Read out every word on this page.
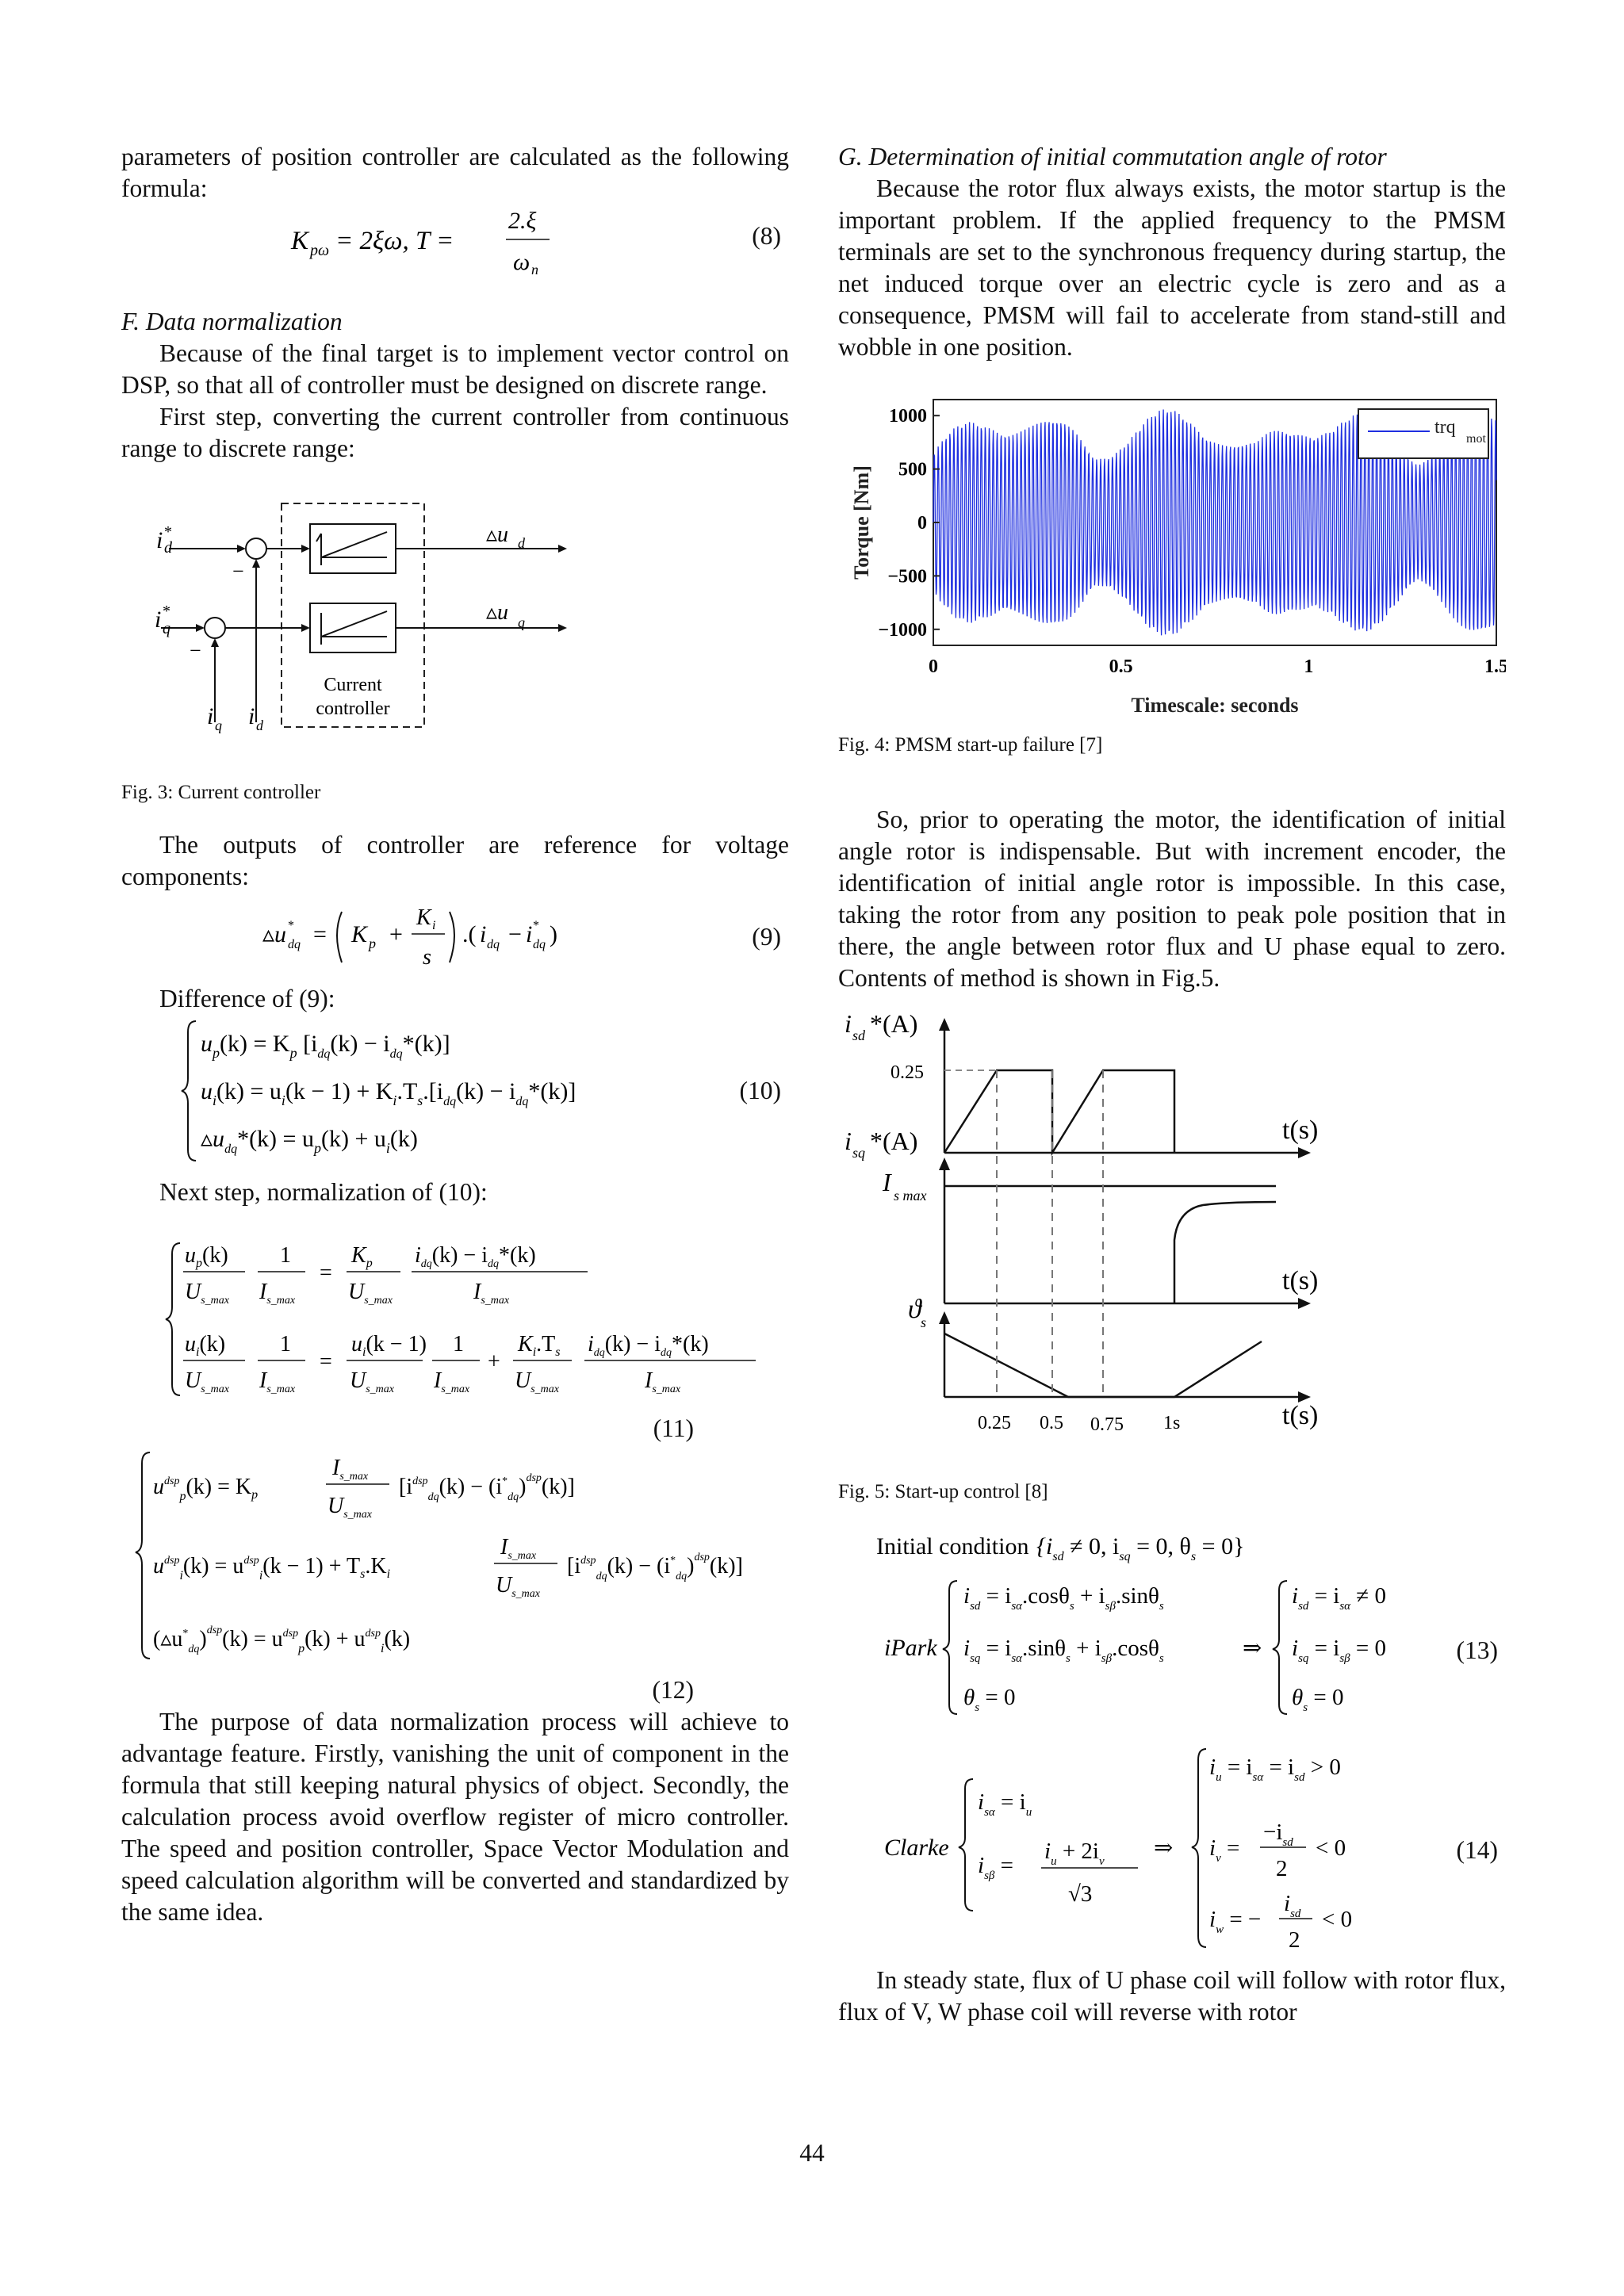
parameters of position controller are calculated as the following formula:

K pω = 2ξω, T =
2.ξ
ω n
(8)
F. Data normalization

Because of the final target is to implement vector control on DSP, so that all of controller must be designed on discrete range.

First step, converting the current controller from continuous range to discrete range:

i *
d
i *
q
−
−
▵u d
▵u q
Current
controller
i q i d

Fig. 3: Current controller

The outputs of controller are reference for voltage components:

▵u *
dq = K p +
K i
s
.( i dq − i *
dq )	(9)

Difference of (9):

$u_p(k) = K_p$ $[i_{dq}(k) - i_{dq}*(k)]$
$u_i(k) = u_i(k - 1) + K_i.T_s.[i_{dq}(k) - i_{dq}*(k)]$
$▵u_{dq}*(k) = u_p(k) + u_i(k)$
(10)

Next step, normalization of (10):

$u_p(k)$
$U_{s\_max}$
1
$I_{s\_max}$
=
$K_p$
$U_{s\_max}$
$i_{dq}(k) - i_{dq}*(k)$
$I_{s\_max}$
$u_i(k)$
$U_{s\_max}$
1
$I_{s\_max}$
=
$u_i(k - 1)$
$U_{s\_max}$
1
$I_{s\_max}$
+
$K_i.T_s$
$U_{s\_max}$
$i_{dq}(k) - i_{dq}*(k)$
$I_{s\_max}$
(11)
$u^{dsp}_p(k) = K_p$
$I_{s\_max}$
$U_{s\_max}$
$[i^{dsp}_{dq}(k) - (i^*_{dq})^{dsp}(k)]$
$u^{dsp}_i(k) = u^{dsp}_i(k - 1) + T_s.K_i$
$I_{s\_max}$
$U_{s\_max}$
$[i^{dsp}_{dq}(k) - (i^*_{dq})^{dsp}(k)]$
$(▵u^*_{dq})^{dsp}(k) = u^{dsp}_p(k) + u^{dsp}_i(k)$
(12)

The purpose of data normalization process will achieve to advantage feature. Firstly, vanishing the unit of component in the formula that still keeping natural physics of object. Secondly, the calculation process avoid overflow register of micro controller. The speed and position controller, Space Vector Modulation and speed calculation algorithm will be converted and standardized by the same idea.

G. Determination of initial commutation angle of rotor

Because the rotor flux always exists, the motor startup is the important problem. If the applied frequency to the PMSM terminals are set to the synchronous frequency during startup, the net induced torque over an electric cycle is zero and as a consequence, PMSM will fail to accelerate from stand-still and wobble in one position.

trq
mot
1000
500
0
−500
−1000
0	0.5	1	1.5
Torque [Nm]
Timescale: seconds

Fig. 4: PMSM start-up failure [7]

So, prior to operating the motor, the identification of initial angle rotor is indispensable. But with increment encoder, the identification of initial angle rotor is impossible. In this case, taking the rotor from any position to peak pole position that in there, the angle between rotor flux and U phase equal to zero. Contents of method is shown in Fig.5.

i sd *(A)
0.25
t(s)
i sq *(A)
I s max
t(s)
ϑ s
t(s)
0.25 0.5 0.75 1s

Fig. 5: Start-up control [8]

Initial condition {$i_{sd} \ne 0$, $i_{sq} = 0$, $\theta_s = 0$}
iPark
$i_{sd} = i_{s\alpha}.\cos\theta_s + i_{s\beta}.\sin\theta_s$
$i_{sq} = i_{s\alpha}.\sin\theta_s + i_{s\beta}.\cos\theta_s$
$\theta_s = 0$
⇒
$i_{sd} = i_{s\alpha} \ne 0$
$i_{sq} = i_{s\beta} = 0$
$\theta_s = 0$
(13)
Clarke
$i_{s\alpha} = i_u$
$i_{s\beta}$ =
$i_u + 2i_v$
√3
⇒
$i_u = i_{s\alpha} = i_{sd} > 0$
$i_v$ =
$-i_{sd}$
2
< 0
$i_w$ = −
$i_{sd}$
2
< 0
(14)

In steady state, flux of U phase coil will follow with rotor flux, flux of V, W phase coil will reverse with rotor

44
